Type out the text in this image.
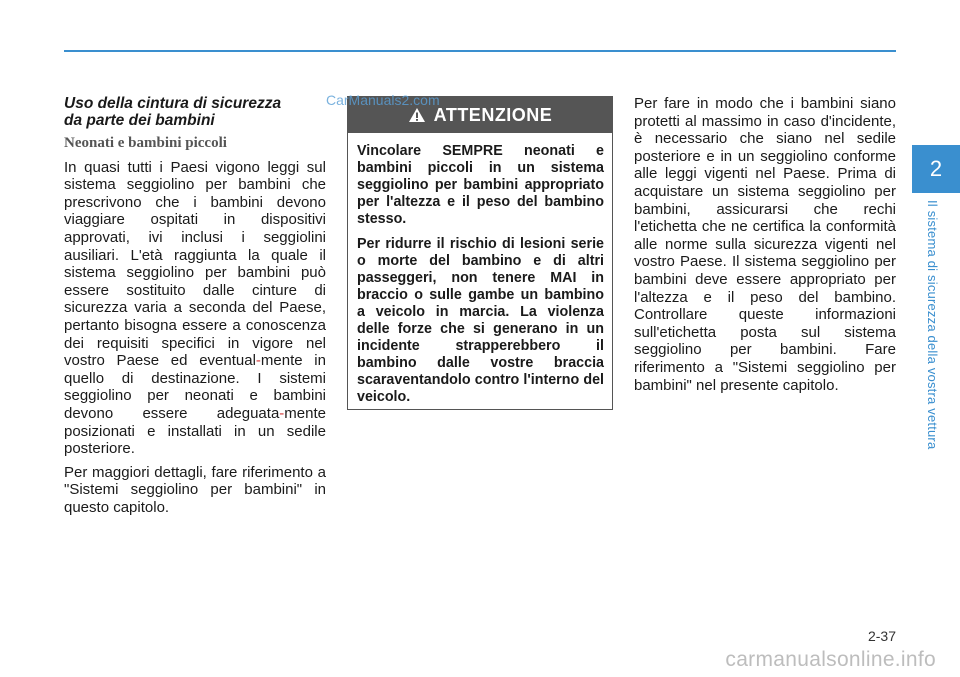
Uso della cintura di sicurezza
da parte dei bambini
Neonati e bambini piccoli

In quasi tutti i Paesi vigono leggi sul sistema seggiolino per bambini che prescrivono che i bambini devono viaggiare ospitati in dispositivi approvati, ivi inclusi i seggiolini ausiliari. L'età raggiunta la quale il sistema seggiolino per bambini può essere sostituito dalle cinture di sicurezza varia a seconda del Paese, pertanto bisogna essere a conoscenza dei requisiti specifici in vigore nel vostro Paese ed eventual-mente in quello di destinazione. I sistemi seggiolino per neonati e bambini devono essere adeguata-mente posizionati e installati in un sedile posteriore.

Per maggiori dettagli, fare riferimento a "Sistemi seggiolino per bambini" in questo capitolo.

ATTENZIONE

Vincolare SEMPRE neonati e bambini piccoli in un sistema seggiolino per bambini appropriato per l'altezza e il peso del bambino stesso.

Per ridurre il rischio di lesioni serie o morte del bambino e di altri passeggeri, non tenere MAI in braccio o sulle gambe un bambino a veicolo in marcia. La violenza delle forze che si generano in un incidente strapperebbero il bambino dalle vostre braccia scaraventandolo contro l'interno del veicolo.

CarManuals2.com	Per fare in modo che i bambini siano protetti al massimo in caso d'incidente, è necessario che siano nel sedile posteriore e in un seggiolino conforme alle leggi vigenti nel Paese. Prima di acquistare un sistema seggiolino per bambini, assicurarsi che rechi l'etichetta che ne certifica la conformità alle norme sulla sicurezza vigenti nel vostro Paese. Il sistema seggiolino per bambini deve essere appropriato per l'altezza e il peso del bambino. Controllare queste informazioni sull'etichetta posta sul sistema seggiolino per bambini. Fare riferimento a "Sistemi seggiolino per bambini" nel presente capitolo.

2
Il sistema di sicurezza della vostra vettura
2-37
carmanualsonline.info
